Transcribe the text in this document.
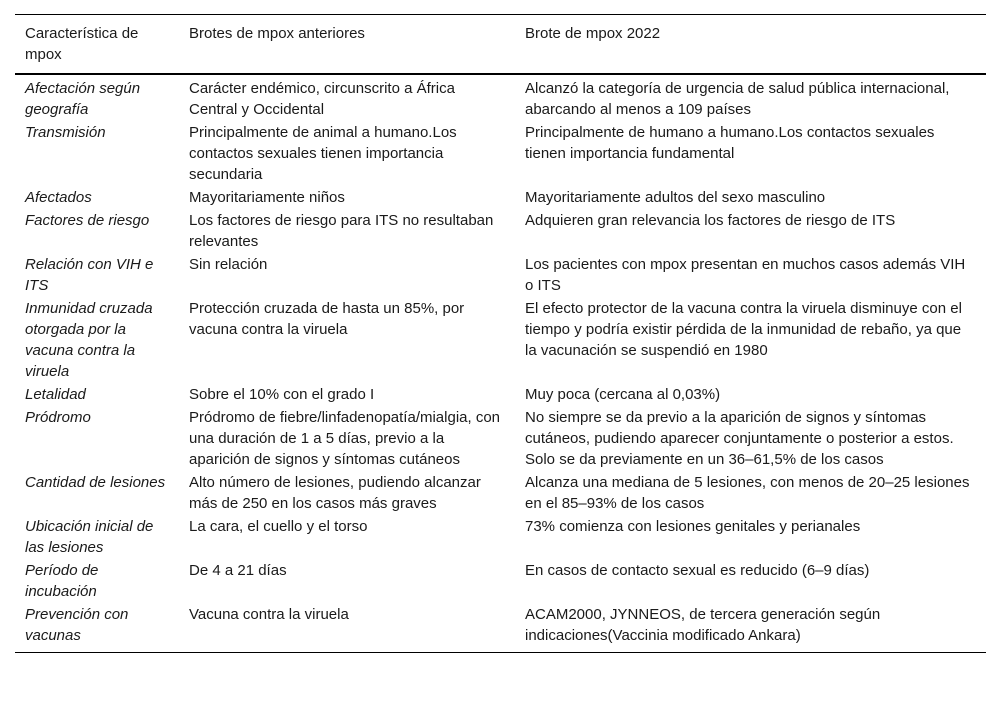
Característica de mpox	Brotes de mpox anteriores	Brote de mpox 2022
Afectación según geografía	Carácter endémico, circunscrito a África Central y Occidental	Alcanzó la categoría de urgencia de salud pública internacional, abarcando al menos a 109 países
Transmisión	Principalmente de animal a humano.Los contactos sexuales tienen importancia secundaria	Principalmente de humano a humano.Los contactos sexuales tienen importancia fundamental
Afectados	Mayoritariamente niños	Mayoritariamente adultos del sexo masculino
Factores de riesgo	Los factores de riesgo para ITS no resultaban relevantes	Adquieren gran relevancia los factores de riesgo de ITS
Relación con VIH e ITS	Sin relación	Los pacientes con mpox presentan en muchos casos además VIH o ITS
Inmunidad cruzada otorgada por la vacuna contra la viruela	Protección cruzada de hasta un 85%, por vacuna contra la viruela	El efecto protector de la vacuna contra la viruela disminuye con el tiempo y podría existir pérdida de la inmunidad de rebaño, ya que la vacunación se suspendió en 1980
Letalidad	Sobre el 10% con el grado I	Muy poca (cercana al 0,03%)
Pródromo	Pródromo de fiebre/linfadenopatía/mialgia, con una duración de 1 a 5 días, previo a la aparición de signos y síntomas cutáneos	No siempre se da previo a la aparición de signos y síntomas cutáneos, pudiendo aparecer conjuntamente o posterior a estos. Solo se da previamente en un 36–61,5% de los casos
Cantidad de lesiones	Alto número de lesiones, pudiendo alcanzar más de 250 en los casos más graves	Alcanza una mediana de 5 lesiones, con menos de 20–25 lesiones en el 85–93% de los casos
Ubicación inicial de las lesiones	La cara, el cuello y el torso	73% comienza con lesiones genitales y perianales
Período de incubación	De 4 a 21 días	En casos de contacto sexual es reducido (6–9 días)
Prevención con vacunas	Vacuna contra la viruela	ACAM2000, JYNNEOS, de tercera generación según indicaciones(Vaccinia modificado Ankara)
